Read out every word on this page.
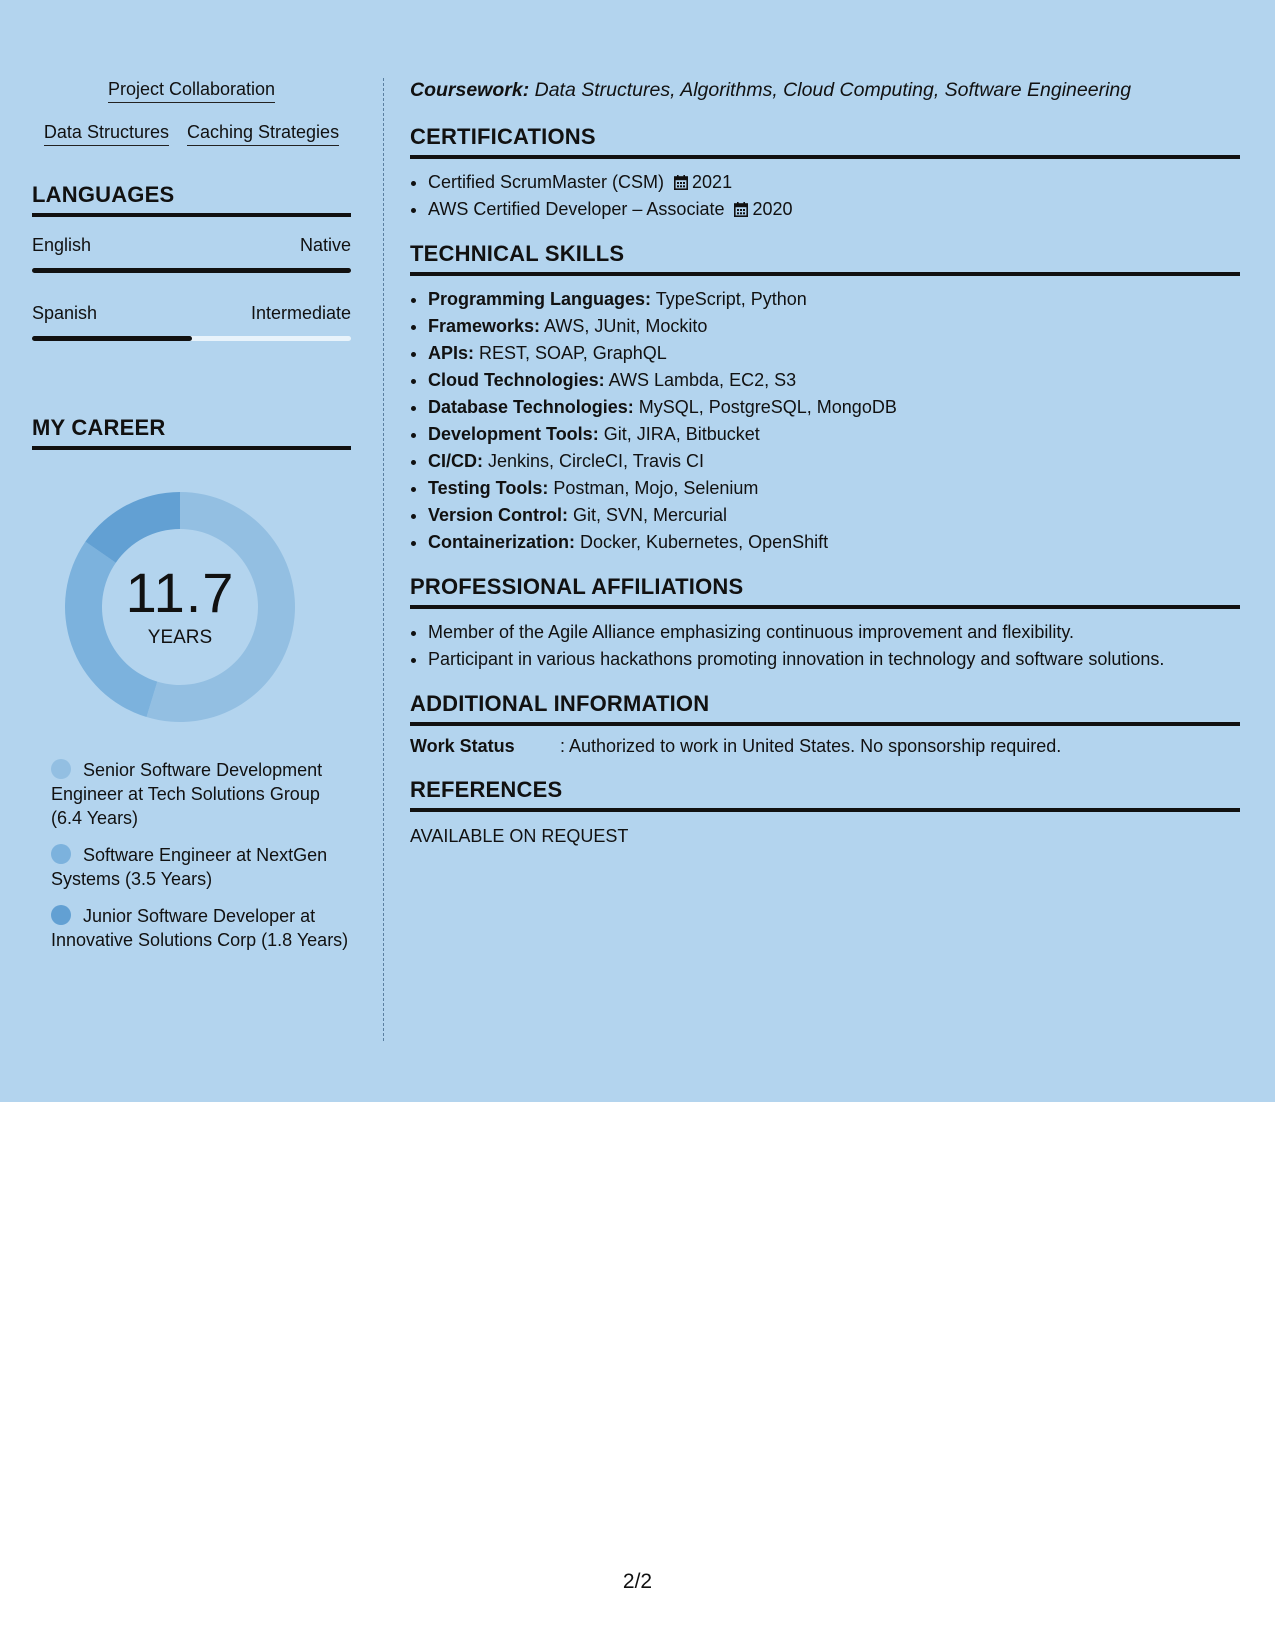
Project Collaboration
Data Structures Caching Strategies
LANGUAGES
English	Native
Spanish	Intermediate
MY CAREER
11.7
YEARS
Senior Software Development Engineer at Tech Solutions Group (6.4 Years)
Software Engineer at NextGen Systems (3.5 Years)
Junior Software Developer at Innovative Solutions Corp (1.8 Years)
Coursework: Data Structures, Algorithms, Cloud Computing, Software Engineering
CERTIFICATIONS
• Certified ScrumMaster (CSM) 2021
• AWS Certified Developer – Associate 2020
TECHNICAL SKILLS
• Programming Languages: TypeScript, Python
• Frameworks: AWS, JUnit, Mockito
• APIs: REST, SOAP, GraphQL
• Cloud Technologies: AWS Lambda, EC2, S3
• Database Technologies: MySQL, PostgreSQL, MongoDB
• Development Tools: Git, JIRA, Bitbucket
• CI/CD: Jenkins, CircleCI, Travis CI
• Testing Tools: Postman, Mojo, Selenium
• Version Control: Git, SVN, Mercurial
• Containerization: Docker, Kubernetes, OpenShift
PROFESSIONAL AFFILIATIONS
• Member of the Agile Alliance emphasizing continuous improvement and flexibility.
• Participant in various hackathons promoting innovation in technology and software solutions.
ADDITIONAL INFORMATION
Work Status	: Authorized to work in United States. No sponsorship required.
REFERENCES
AVAILABLE ON REQUEST
2/2
